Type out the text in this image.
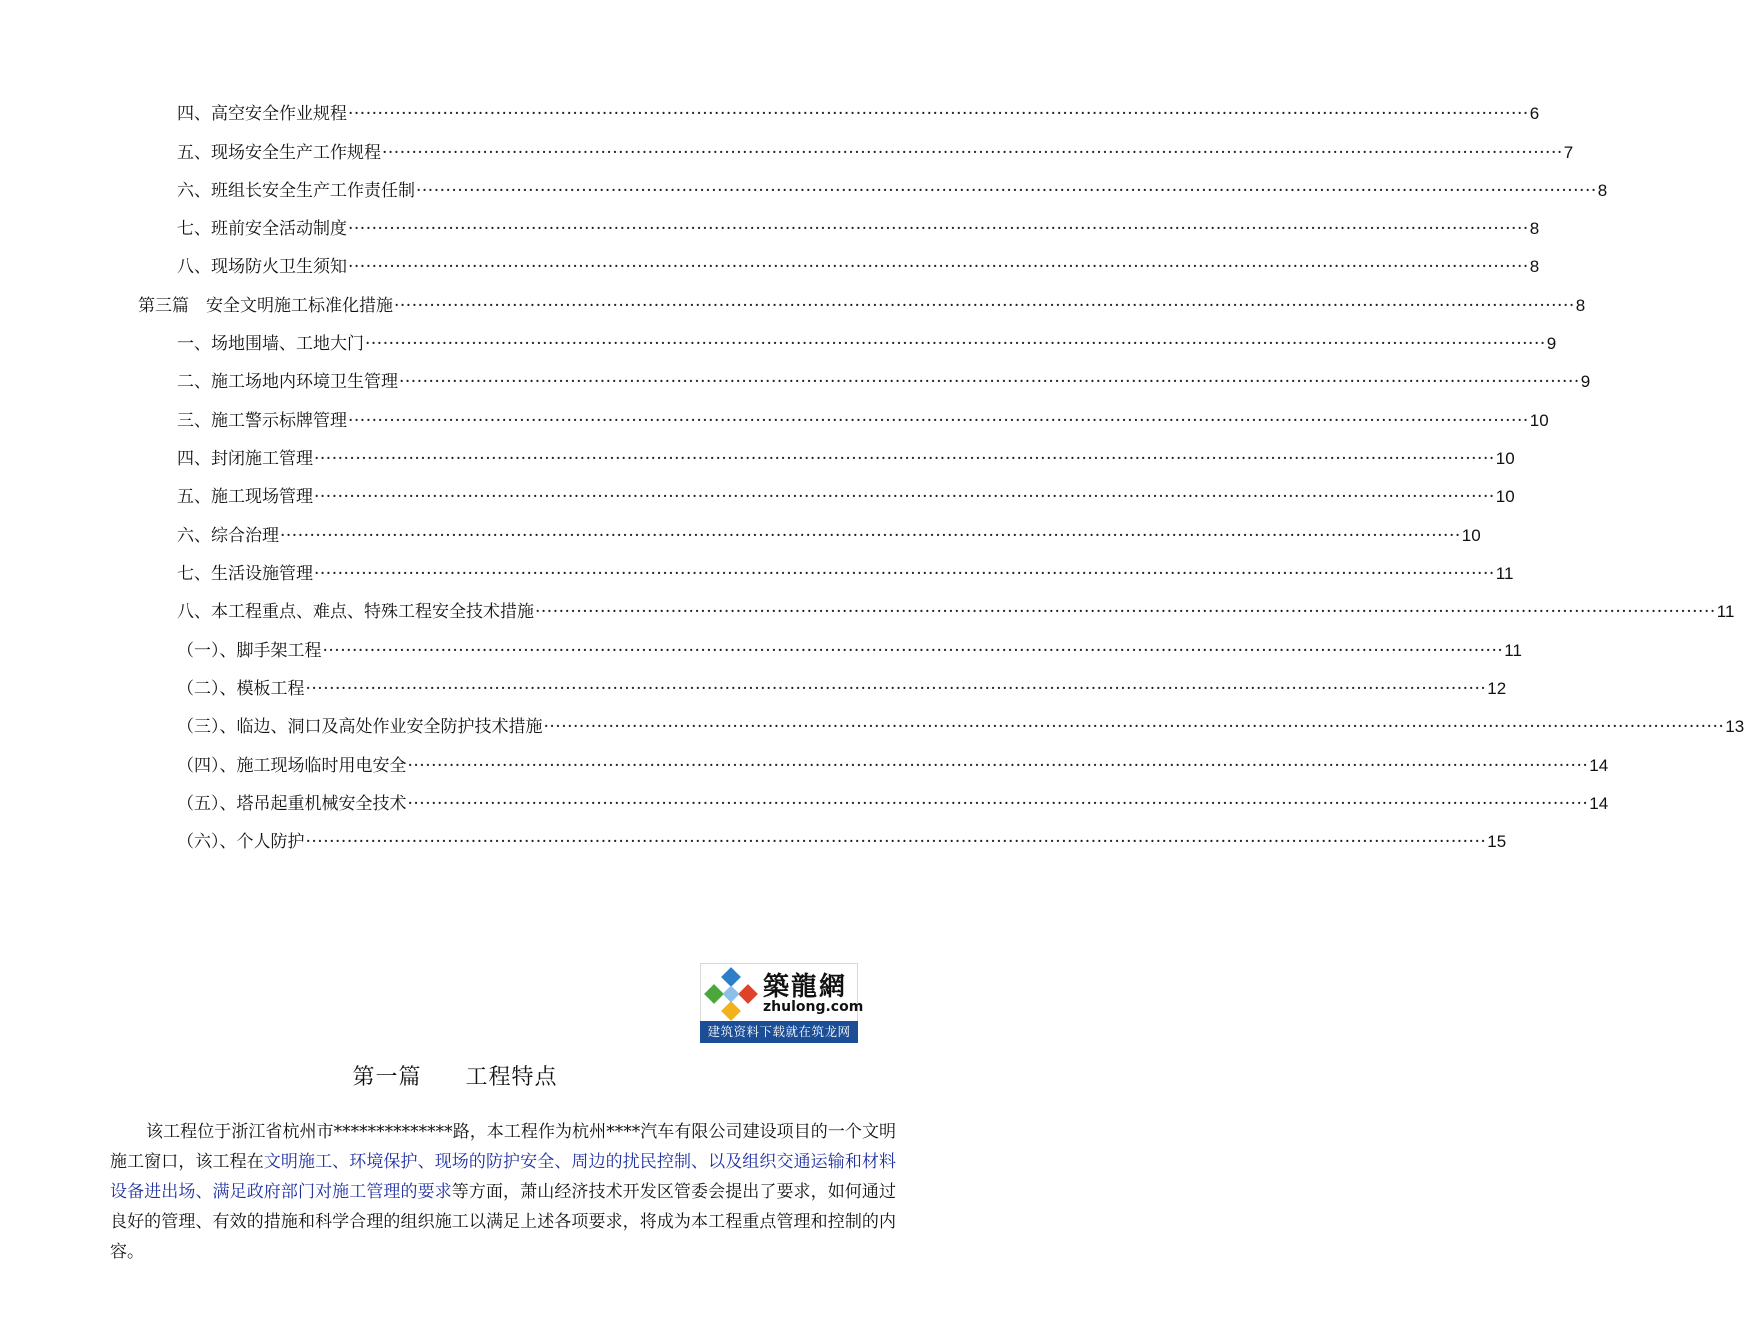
四、高空安全作业规程 ········································································································································································································ 6
五、现场安全生产工作规程 ········································································································································································································ 7
六、班组长安全生产工作责任制 ········································································································································································································ 8
七、班前安全活动制度 ········································································································································································································ 8
八、现场防火卫生须知 ········································································································································································································ 8
第三篇　安全文明施工标准化措施 ········································································································································································································ 8
一、场地围墙、工地大门 ········································································································································································································ 9
二、施工场地内环境卫生管理 ········································································································································································································ 9
三、施工警示标牌管理 ········································································································································································································ 10
四、封闭施工管理 ········································································································································································································ 10
五、施工现场管理 ········································································································································································································ 10
六、综合治理 ········································································································································································································ 10
七、生活设施管理 ········································································································································································································ 11
八、本工程重点、难点、特殊工程安全技术措施 ········································································································································································································ 11
（一）、脚手架工程 ········································································································································································································ 11
（二）、模板工程 ········································································································································································································ 12
（三）、临边、洞口及高处作业安全防护技术措施 ········································································································································································································ 13
（四）、施工现场临时用电安全 ········································································································································································································ 14
（五）、塔吊起重机械安全技术 ········································································································································································································ 14
（六）、个人防护 ········································································································································································································ 15
築龍網
zhulong.com
建筑资料下载就在筑龙网
第一篇 工程特点
该工程位于浙江省杭州市**************路，本工程作为杭州****汽车有限公司建设项目的一个文明施工窗口，该工程在文明施工、环境保护、现场的防护安全、周边的扰民控制、以及组织交通运输和材料设备进出场、满足政府部门对施工管理的要求等方面，萧山经济技术开发区管委会提出了要求，如何通过良好的管理、有效的措施和科学合理的组织施工以满足上述各项要求，将成为本工程重点管理和控制的内容。
